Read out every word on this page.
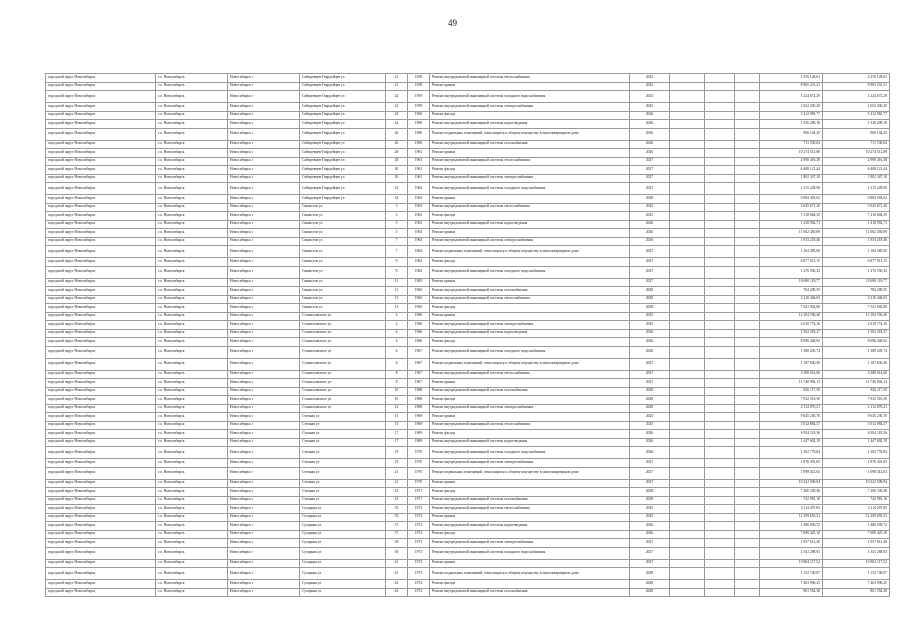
49
городской округ Новосибирск	г.о. Новосибирск	Новосибирск г	Сибиревцев-Гвардейцев ул	21	1958	Ремонт внутридомовой инженерной системы теплоснабжения	2025				2 476 128,61	2 476 128,61
городской округ Новосибирск	г.о. Новосибирск	Новосибирск г	Сибиревцев-Гвардейцев ул	21	1958	Ремонт крыши	2025				8 965 231,21	8 965 231,21
городской округ Новосибирск	г.о. Новосибирск	Новосибирск г	Сибиревцев-Гвардейцев ул	22	1959	Ремонт внутридомовой инженерной системы холодного водоснабжения	2025				1 224 672,29	1 224 672,29
городской округ Новосибирск	г.о. Новосибирск	Новосибирск г	Сибиревцев-Гвардейцев ул	22	1959	Ремонт внутридомовой инженерной системы электроснабжения	2025				1 652 430,20	1 652 430,20
городской округ Новосибирск	г.о. Новосибирск	Новосибирск г	Сибиревцев-Гвардейцев ул	24	1960	Ремонт фасада	2026				5 412 965,77	5 412 965,77
городской округ Новосибирск	г.о. Новосибирск	Новосибирск г	Сибиревцев-Гвардейцев ул	24	1960	Ремонт внутридомовой инженерной системы водоотведения	2026				1 336 209,18	1 336 209,18
городской округ Новосибирск	г.о. Новосибирск	Новосибирск г	Сибиревцев-Гвардейцев ул	26	1960	Ремонт подвальных помещений, относящихся к общему имуществу в многоквартирном доме	2026				906 104,25	906 104,25
городской округ Новосибирск	г.о. Новосибирск	Новосибирск г	Сибиревцев-Гвардейцев ул	26	1960	Ремонт внутридомовой инженерной системы газоснабжения	2026				711 530,04	711 530,04
городской округ Новосибирск	г.о. Новосибирск	Новосибирск г	Сибиревцев-Гвардейцев ул	28	1961	Ремонт крыши	2026				10 274 512,88	10 274 512,88
городской округ Новосибирск	г.о. Новосибирск	Новосибирск г	Сибиревцев-Гвардейцев ул	28	1961	Ремонт внутридомовой инженерной системы теплоснабжения	2027				2 990 416,38	2 990 416,38
городской округ Новосибирск	г.о. Новосибирск	Новосибирск г	Сибиревцев-Гвардейцев ул	30	1961	Ремонт фасада	2027				6 408 121,44	6 408 121,44
городской округ Новосибирск	г.о. Новосибирск	Новосибирск г	Сибиревцев-Гвардейцев ул	30	1961	Ремонт внутридомовой инженерной системы электроснабжения	2027				1 802 347,10	1 802 347,10
городской округ Новосибирск	г.о. Новосибирск	Новосибирск г	Сибиревцев-Гвардейцев ул	32	1962	Ремонт внутридомовой инженерной системы холодного водоснабжения	2027				1 315 228,90	1 315 228,90
городской округ Новосибирск	г.о. Новосибирск	Новосибирск г	Сибиревцев-Гвардейцев ул	32	1962	Ремонт крыши	2028				9 884 303,62	9 884 303,62
городской округ Новосибирск	г.о. Новосибирск	Новосибирск г	Связистов ул	3	1963	Ремонт внутридомовой инженерной системы теплоснабжения	2025				3 045 671,20	3 045 671,20
городской округ Новосибирск	г.о. Новосибирск	Новосибирск г	Связистов ул	3	1963	Ремонт фасада	2025				7 218 604,35	7 218 604,35
городской округ Новосибирск	г.о. Новосибирск	Новосибирск г	Связистов ул	5	1963	Ремонт внутридомовой инженерной системы водоотведения	2026				1 418 902,71	1 418 902,71
городской округ Новосибирск	г.о. Новосибирск	Новосибирск г	Связистов ул	5	1963	Ремонт крыши	2026				11 062 450,09	11 062 450,09
городской округ Новосибирск	г.о. Новосибирск	Новосибирск г	Связистов ул	7	1964	Ремонт внутридомовой инженерной системы электроснабжения	2026				1 933 218,46	1 933 218,46
городской округ Новосибирск	г.о. Новосибирск	Новосибирск г	Связистов ул	7	1964	Ремонт подвальных помещений, относящихся к общему имуществу в многоквартирном доме	2027				1 104 385,60	1 104 385,60
городской округ Новосибирск	г.о. Новосибирск	Новосибирск г	Связистов ул	9	1964	Ремонт фасада	2027				6 877 013,15	6 877 013,15
городской округ Новосибирск	г.о. Новосибирск	Новосибирск г	Связистов ул	9	1964	Ремонт внутридомовой инженерной системы холодного водоснабжения	2027				1 276 550,32	1 276 550,32
городской округ Новосибирск	г.о. Новосибирск	Новосибирск г	Связистов ул	11	1965	Ремонт крыши	2027				10 690 118,77	10 690 118,77
городской округ Новосибирск	г.о. Новосибирск	Новосибирск г	Связистов ул	11	1965	Ремонт внутридомовой инженерной системы газоснабжения	2028				784 209,55	784 209,55
городской округ Новосибирск	г.о. Новосибирск	Новосибирск г	Связистов ул	13	1965	Ремонт внутридомовой инженерной системы теплоснабжения	2028				3 210 446,03	3 210 446,03
городской округ Новосибирск	г.о. Новосибирск	Новосибирск г	Связистов ул	13	1965	Ремонт фасада	2028				7 541 902,80	7 541 902,80
городской округ Новосибирск	г.о. Новосибирск	Новосибирск г	Станиславского ул	2	1966	Ремонт крыши	2025				12 104 556,40	12 104 556,40
городской округ Новосибирск	г.о. Новосибирск	Новосибирск г	Станиславского ул	2	1966	Ремонт внутридомовой инженерной системы электроснабжения	2025				2 010 774,16	2 010 774,16
городской округ Новосибирск	г.о. Новосибирск	Новосибирск г	Станиславского ул	4	1966	Ремонт внутридомовой инженерной системы водоотведения	2026				1 502 318,27	1 502 318,27
городской округ Новосибирск	г.о. Новосибирск	Новосибирск г	Станиславского ул	4	1966	Ремонт фасада	2026				8 096 440,92	8 096 440,92
городской округ Новосибирск	г.о. Новосибирск	Новосибирск г	Станиславского ул	6	1967	Ремонт внутридомовой инженерной системы холодного водоснабжения	2026				1 388 205,74	1 388 205,74
городской округ Новосибирск	г.о. Новосибирск	Новосибирск г	Станиславского ул	6	1967	Ремонт подвальных помещений, относящихся к общему имуществу в многоквартирном доме	2027				1 187 630,49	1 187 630,49
городской округ Новосибирск	г.о. Новосибирск	Новосибирск г	Станиславского ул	8	1967	Ремонт внутридомовой инженерной системы теплоснабжения	2027				3 388 014,66	3 388 014,66
городской округ Новосибирск	г.о. Новосибирск	Новосибирск г	Станиславского ул	8	1967	Ремонт крыши	2027				11 740 902,13	11 740 902,13
городской округ Новосибирск	г.о. Новосибирск	Новосибирск г	Станиславского ул	10	1968	Ремонт внутридомовой инженерной системы газоснабжения	2028				826 117,30	826 117,30
городской округ Новосибирск	г.о. Новосибирск	Новосибирск г	Станиславского ул	10	1968	Ремонт фасада	2028				7 932 516,58	7 932 516,58
городской округ Новосибирск	г.о. Новосибирск	Новосибирск г	Станиславского ул	12	1968	Ремонт внутридомовой инженерной системы электроснабжения	2028				2 114 870,21	2 114 870,21
городской округ Новосибирск	г.о. Новосибирск	Новосибирск г	Степная ул	15	1969	Ремонт крыши	2025				9 645 230,70	9 645 230,70
городской округ Новосибирск	г.о. Новосибирск	Новосибирск г	Степная ул	15	1969	Ремонт внутридомовой инженерной системы теплоснабжения	2025				3 012 884,57	3 012 884,57
городской округ Новосибирск	г.о. Новосибирск	Новосибирск г	Степная ул	17	1969	Ремонт фасада	2026				6 954 118,36	6 954 118,36
городской округ Новосибирск	г.о. Новосибирск	Новосибирск г	Степная ул	17	1969	Ремонт внутридомовой инженерной системы водоотведения	2026				1 447 602,19	1 447 602,19
городской округ Новосибирск	г.о. Новосибирск	Новосибирск г	Степная ул	19	1970	Ремонт внутридомовой инженерной системы холодного водоснабжения	2026				1 302 776,84	1 302 776,84
городской округ Новосибирск	г.о. Новосибирск	Новосибирск г	Степная ул	19	1970	Ремонт внутридомовой инженерной системы электроснабжения	2027				1 876 301,05	1 876 301,05
городской округ Новосибирск	г.о. Новосибирск	Новосибирск г	Степная ул	21	1970	Ремонт подвальных помещений, относящихся к общему имуществу в многоквартирном доме	2027				1 098 412,63	1 098 412,63
городской округ Новосибирск	г.о. Новосибирск	Новосибирск г	Степная ул	21	1970	Ремонт крыши	2027				10 322 509,94	10 322 509,94
городской округ Новосибирск	г.о. Новосибирск	Новосибирск г	Степная ул	23	1971	Ремонт фасада	2028				7 206 339,48	7 206 339,48
городской округ Новосибирск	г.о. Новосибирск	Новосибирск г	Степная ул	23	1971	Ремонт внутридомовой инженерной системы газоснабжения	2028				742 981,16	742 981,16
городской округ Новосибирск	г.о. Новосибирск	Новосибирск г	Сухарная ул	35	1972	Ремонт внутридомовой инженерной системы теплоснабжения	2025				3 114 207,85	3 114 207,85
городской округ Новосибирск	г.о. Новосибирск	Новосибирск г	Сухарная ул	35	1972	Ремонт крыши	2025				11 209 655,31	11 209 655,31
городской округ Новосибирск	г.о. Новосибирск	Новосибирск г	Сухарная ул	37	1972	Ремонт внутридомовой инженерной системы водоотведения	2026				1 486 039,72	1 486 039,72
городской округ Новосибирск	г.о. Новосибирск	Новосибирск г	Сухарная ул	37	1972	Ремонт фасада	2026				7 688 425,10	7 688 425,10
городской округ Новосибирск	г.о. Новосибирск	Новосибирск г	Сухарная ул	39	1973	Ремонт внутридомовой инженерной системы электроснабжения	2027				1 957 612,40	1 957 612,40
городской округ Новосибирск	г.о. Новосибирск	Новосибирск г	Сухарная ул	39	1973	Ремонт внутридомовой инженерной системы холодного водоснабжения	2027				1 341 288,93	1 341 288,93
городской округ Новосибирск	г.о. Новосибирск	Новосибирск г	Сухарная ул	41	1973	Ремонт крыши	2027				10 804 117,52	10 804 117,52
городской округ Новосибирск	г.о. Новосибирск	Новосибирск г	Сухарная ул	41	1973	Ремонт подвальных помещений, относящихся к общему имуществу в многоквартирном доме	2028				1 152 740,07	1 152 740,07
городской округ Новосибирск	г.о. Новосибирск	Новосибирск г	Сухарная ул	43	1974	Ремонт фасада	2028				7 403 996,25	7 403 996,25
городской округ Новосибирск	г.о. Новосибирск	Новосибирск г	Сухарная ул	43	1974	Ремонт внутридомовой инженерной системы газоснабжения	2028				801 554,38	801 554,38
